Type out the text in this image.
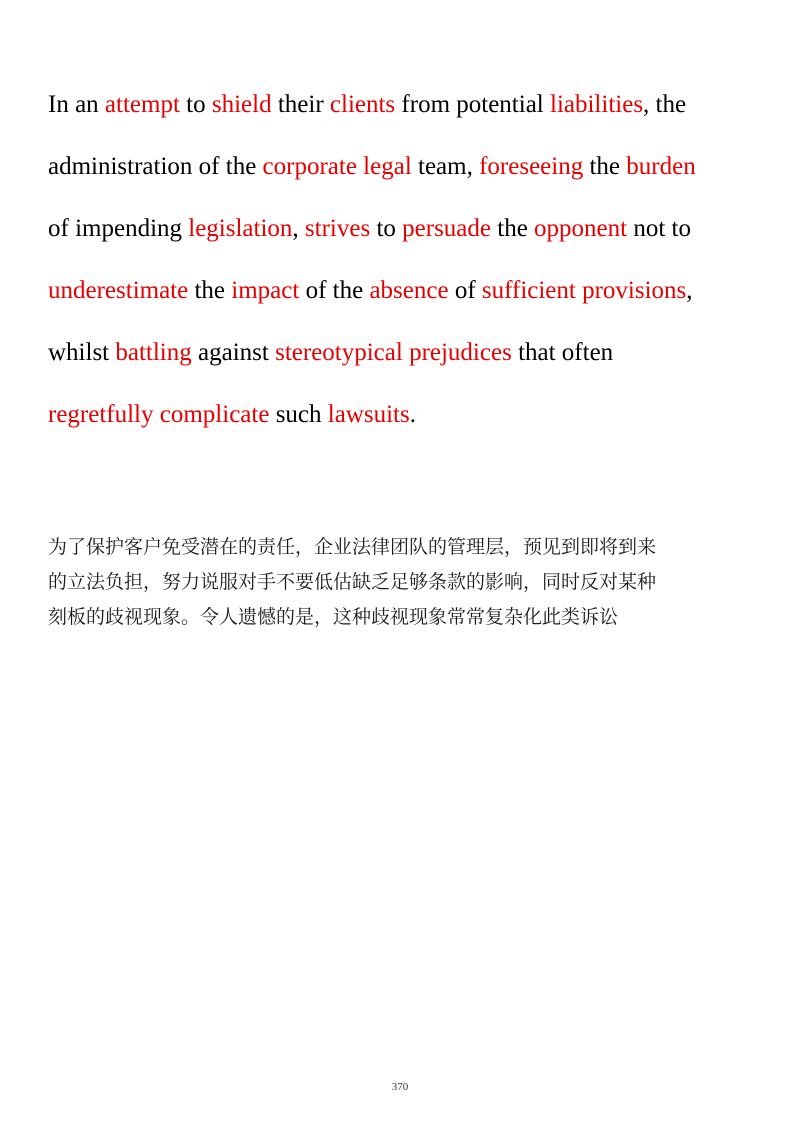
In an attempt to shield their clients from potential liabilities, the
administration of the corporate legal team, foreseeing the burden
of impending legislation, strives to persuade the opponent not to
underestimate the impact of the absence of sufficient provisions,
whilst battling against stereotypical prejudices that often
regretfully complicate such lawsuits.
为了保护客户免受潜在的责任，企业法律团队的管理层，预见到即将到来
的立法负担，努力说服对手不要低估缺乏足够条款的影响，同时反对某种
刻板的歧视现象。令人遗憾的是，这种歧视现象常常复杂化此类诉讼
370
